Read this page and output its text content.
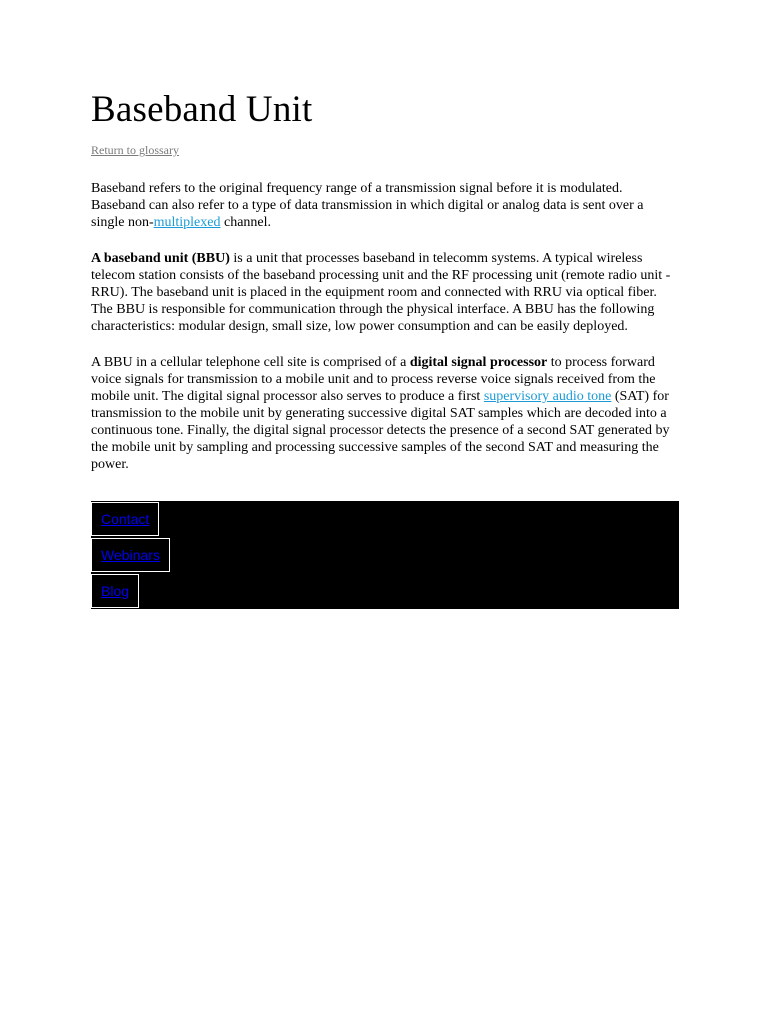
Baseband Unit
Return to glossary

Baseband refers to the original frequency range of a transmission signal before it is modulated. Baseband can also refer to a type of data transmission in which digital or analog data is sent over a single non-multiplexed channel.

A baseband unit (BBU) is a unit that processes baseband in telecomm systems. A typical wireless telecom station consists of the baseband processing unit and the RF processing unit (remote radio unit - RRU). The baseband unit is placed in the equipment room and connected with RRU via optical fiber. The BBU is responsible for communication through the physical interface. A BBU has the following characteristics: modular design, small size, low power consumption and can be easily deployed.

A BBU in a cellular telephone cell site is comprised of a digital signal processor to process forward voice signals for transmission to a mobile unit and to process reverse voice signals received from the mobile unit. The digital signal processor also serves to produce a first supervisory audio tone (SAT) for transmission to the mobile unit by generating successive digital SAT samples which are decoded into a continuous tone. Finally, the digital signal processor detects the presence of a second SAT generated by the mobile unit by sampling and processing successive samples of the second SAT and measuring the power.

Contact
Webinars
Blog
